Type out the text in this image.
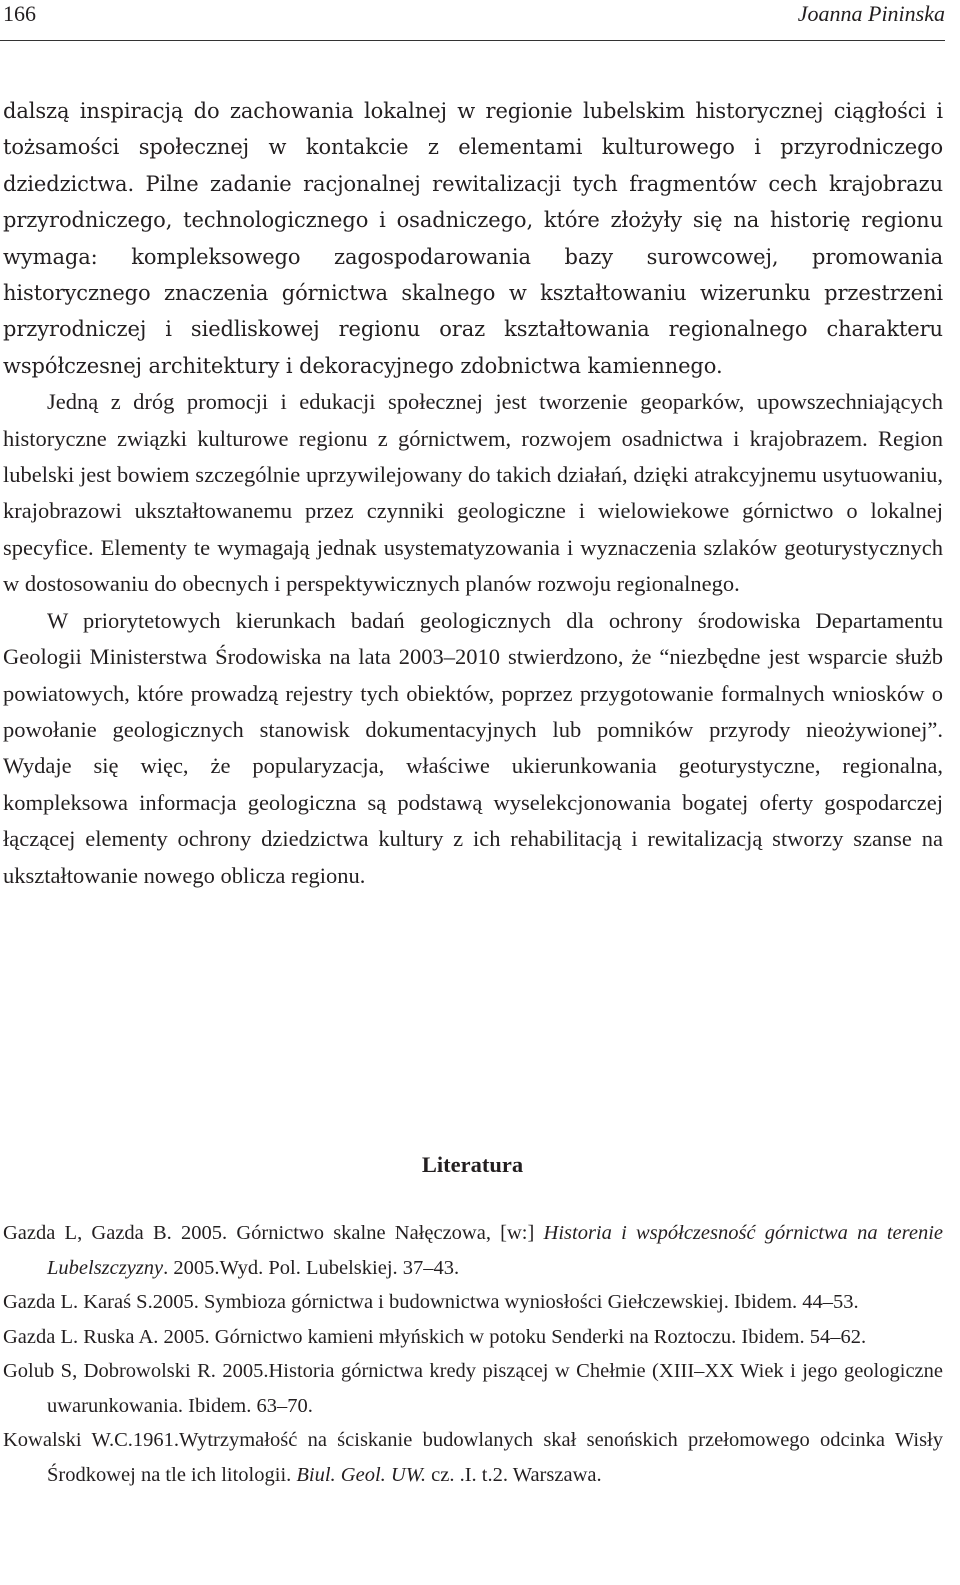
166	Joanna Pininska

dalszą inspiracją do zachowania lokalnej w regionie lubelskim historycznej ciągłości i tożsamości społecznej w kontakcie z elementami kulturowego i przyrodniczego dziedzictwa. Pilne zadanie racjonalnej rewitalizacji tych fragmentów cech krajobrazu przyrodniczego, technologicznego i osadniczego, które złożyły się na historię regionu wymaga: kompleksowego zagospodarowania bazy surowcowej, promowania historycznego znaczenia górnictwa skalnego w kształtowaniu wizerunku przestrzeni przyrodniczej i siedliskowej regionu oraz kształtowania regionalnego charakteru współczesnej architektury i dekoracyjnego zdobnictwa kamiennego.

Jedną z dróg promocji i edukacji społecznej jest tworzenie geoparków, upowszechniających historyczne związki kulturowe regionu z górnictwem, rozwojem osadnictwa i krajobrazem. Region lubelski jest bowiem szczególnie uprzywilejowany do takich działań, dzięki atrakcyjnemu usytuowaniu, krajobrazowi ukształtowanemu przez czynniki geologiczne i wielowiekowe górnictwo o lokalnej specyfice. Elementy te wymagają jednak usystematyzowania i wyznaczenia szlaków geoturystycznych w dostosowaniu do obecnych i perspektywicznych planów rozwoju regionalnego.

W priorytetowych kierunkach badań geologicznych dla ochrony środowiska Departamentu Geologii Ministerstwa Środowiska na lata 2003–2010 stwierdzono, że “niezbędne jest wsparcie służb powiatowych, które prowadzą rejestry tych obiektów, poprzez przygotowanie formalnych wniosków o powołanie geologicznych stanowisk dokumentacyjnych lub pomników przyrody nieożywionej”. Wydaje się więc, że popularyzacja, właściwe ukierunkowania geoturystyczne, regionalna, kompleksowa informacja geologiczna są podstawą wyselekcjonowania bogatej oferty gospodarczej łączącej elementy ochrony dziedzictwa kultury z ich rehabilitacją i rewitalizacją stworzy szanse na ukształtowanie nowego oblicza regionu.

Literatura

Gazda L, Gazda B. 2005. Górnictwo skalne Nałęczowa, [w:] Historia i współczesność górnictwa na terenie Lubelszczyzny. 2005.Wyd. Pol. Lubelskiej. 37–43.

Gazda L. Karaś S.2005. Symbioza górnictwa i budownictwa wyniosłości Giełczewskiej. Ibidem. 44–53.

Gazda L. Ruska A. 2005. Górnictwo kamieni młyńskich w potoku Senderki na Roztoczu. Ibidem. 54–62.

Golub S, Dobrowolski R. 2005.Historia górnictwa kredy piszącej w Chełmie (XIII–XX Wiek i jego geologiczne uwarunkowania. Ibidem. 63–70.

Kowalski W.C.1961.Wytrzymałość na ściskanie budowlanych skał senońskich przełomowego odcinka Wisły Środkowej na tle ich litologii. Biul. Geol. UW. cz. .I. t.2. Warszawa.
